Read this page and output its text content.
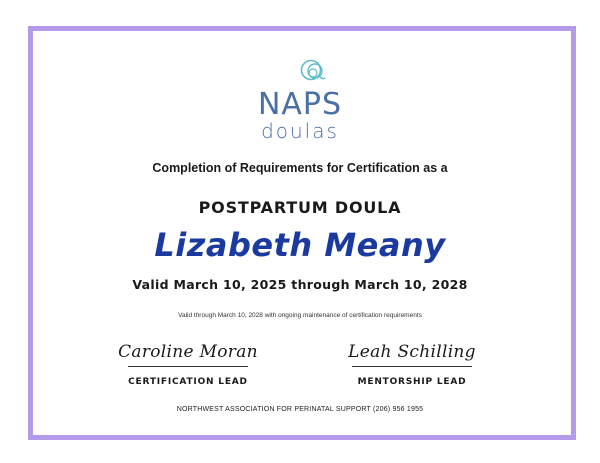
NAPS
doulas
Completion of Requirements for Certification as a
POSTPARTUM DOULA
Lizabeth Meany
Valid March 10, 2025 through March 10, 2028
Valid through March 10, 2028 with ongoing maintenance of certification requirements
Caroline Moran
CERTIFICATION LEAD
Leah Schilling
MENTORSHIP LEAD
NORTHWEST ASSOCIATION FOR PERINATAL SUPPORT (206) 956 1955
